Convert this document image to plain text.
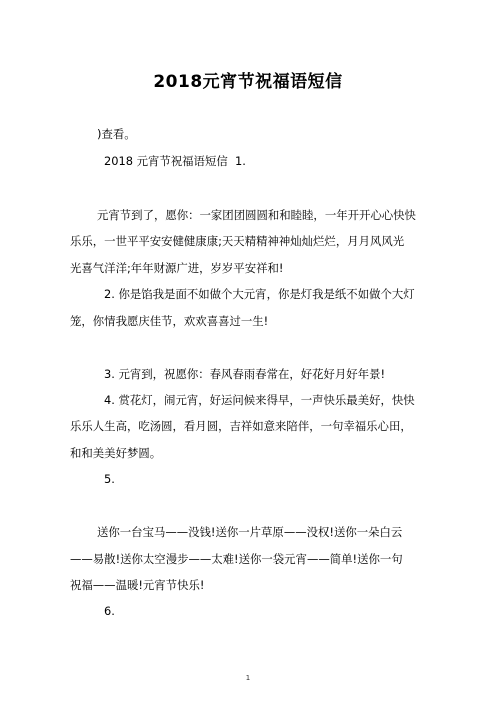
2018元宵节祝福语短信
)查看。
2018 元宵节祝福语短信  1.
元宵节到了，愿你：一家团团圆圆和和睦睦，一年开开心心快快
乐乐，一世平平安安健健康康;天天精精神神灿灿烂烂，月月风风光
光喜气洋洋;年年财源广进，岁岁平安祥和!
2. 你是馅我是面不如做个大元宵，你是灯我是纸不如做个大灯
笼，你情我愿庆佳节，欢欢喜喜过一生!
3. 元宵到，祝愿你：春风春雨春常在，好花好月好年景!
4. 赏花灯，闹元宵，好运问候来得早，一声快乐最美好，快快
乐乐人生高，吃汤圆，看月圆，吉祥如意来陪伴，一句幸福乐心田，
和和美美好梦圆。
5.
送你一台宝马——没钱!送你一片草原——没权!送你一朵白云
——易散!送你太空漫步——太难!送你一袋元宵——简单!送你一句
祝福——温暖!元宵节快乐!
6.
1
